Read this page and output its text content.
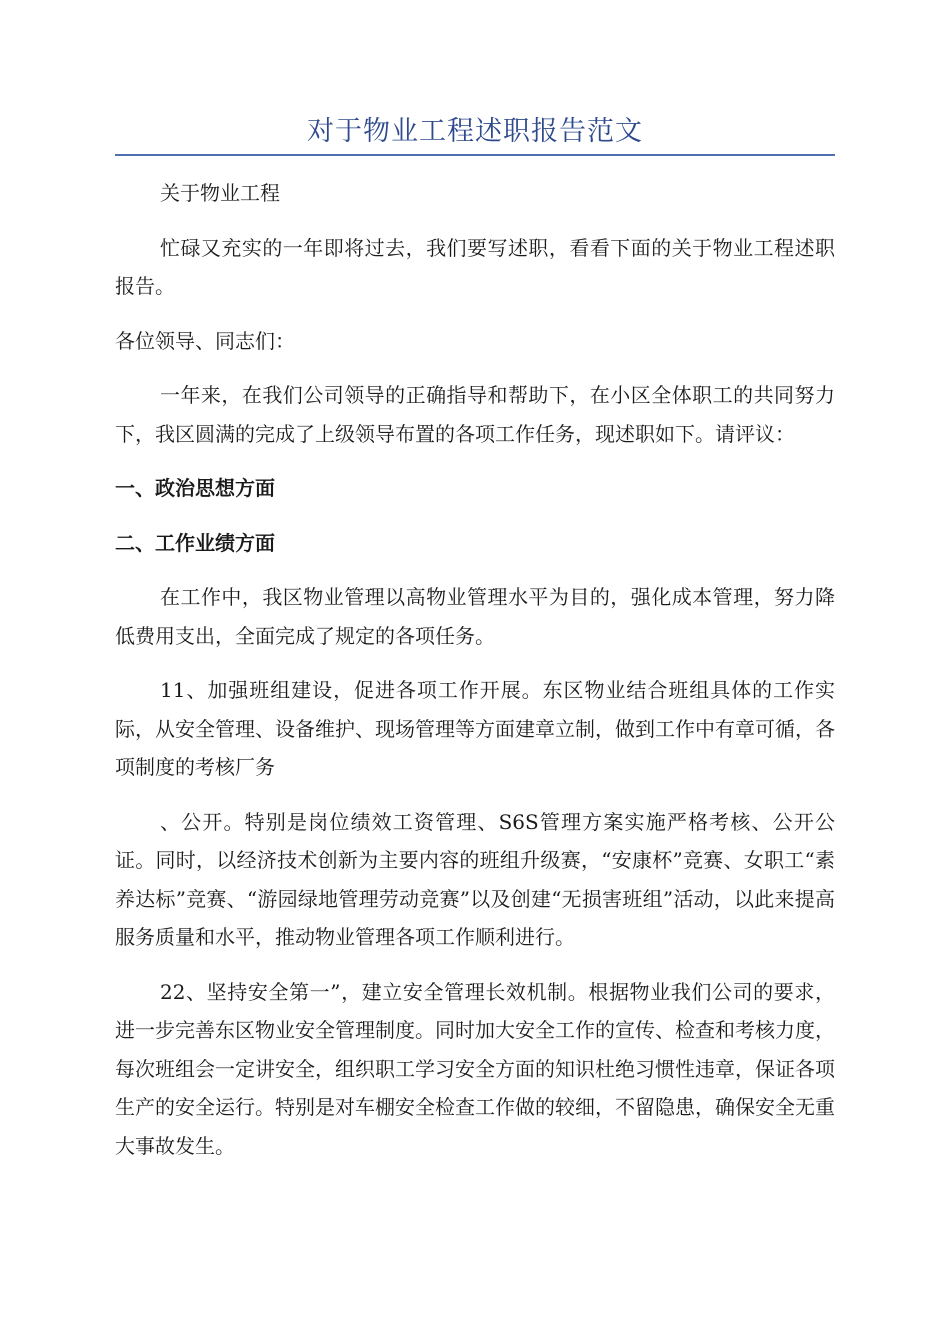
对于物业工程述职报告范文

关于物业工程

忙碌又充实的一年即将过去，我们要写述职，看看下面的关于物业工程述职报告。

各位领导、同志们：

一年来，在我们公司领导的正确指导和帮助下，在小区全体职工的共同努力下，我区圆满的完成了上级领导布置的各项工作任务，现述职如下。请评议：

一、政治思想方面

二、工作业绩方面

在工作中，我区物业管理以高物业管理水平为目的，强化成本管理，努力降低费用支出，全面完成了规定的各项任务。

11、加强班组建设，促进各项工作开展。东区物业结合班组具体的工作实际，从安全管理、设备维护、现场管理等方面建章立制，做到工作中有章可循，各项制度的考核厂务

、公开。特别是岗位绩效工资管理、S6S管理方案实施严格考核、公开公证。同时，以经济技术创新为主要内容的班组升级赛，“安康杯”竞赛、女职工“素养达标”竞赛、“游园绿地管理劳动竞赛”以及创建“无损害班组”活动，以此来提高服务质量和水平，推动物业管理各项工作顺利进行。

22、坚持安全第一”，建立安全管理长效机制。根据物业我们公司的要求，进一步完善东区物业安全管理制度。同时加大安全工作的宣传、检查和考核力度，每次班组会一定讲安全，组织职工学习安全方面的知识杜绝习惯性违章，保证各项生产的安全运行。特别是对车棚安全检查工作做的较细，不留隐患，确保安全无重大事故发生。
